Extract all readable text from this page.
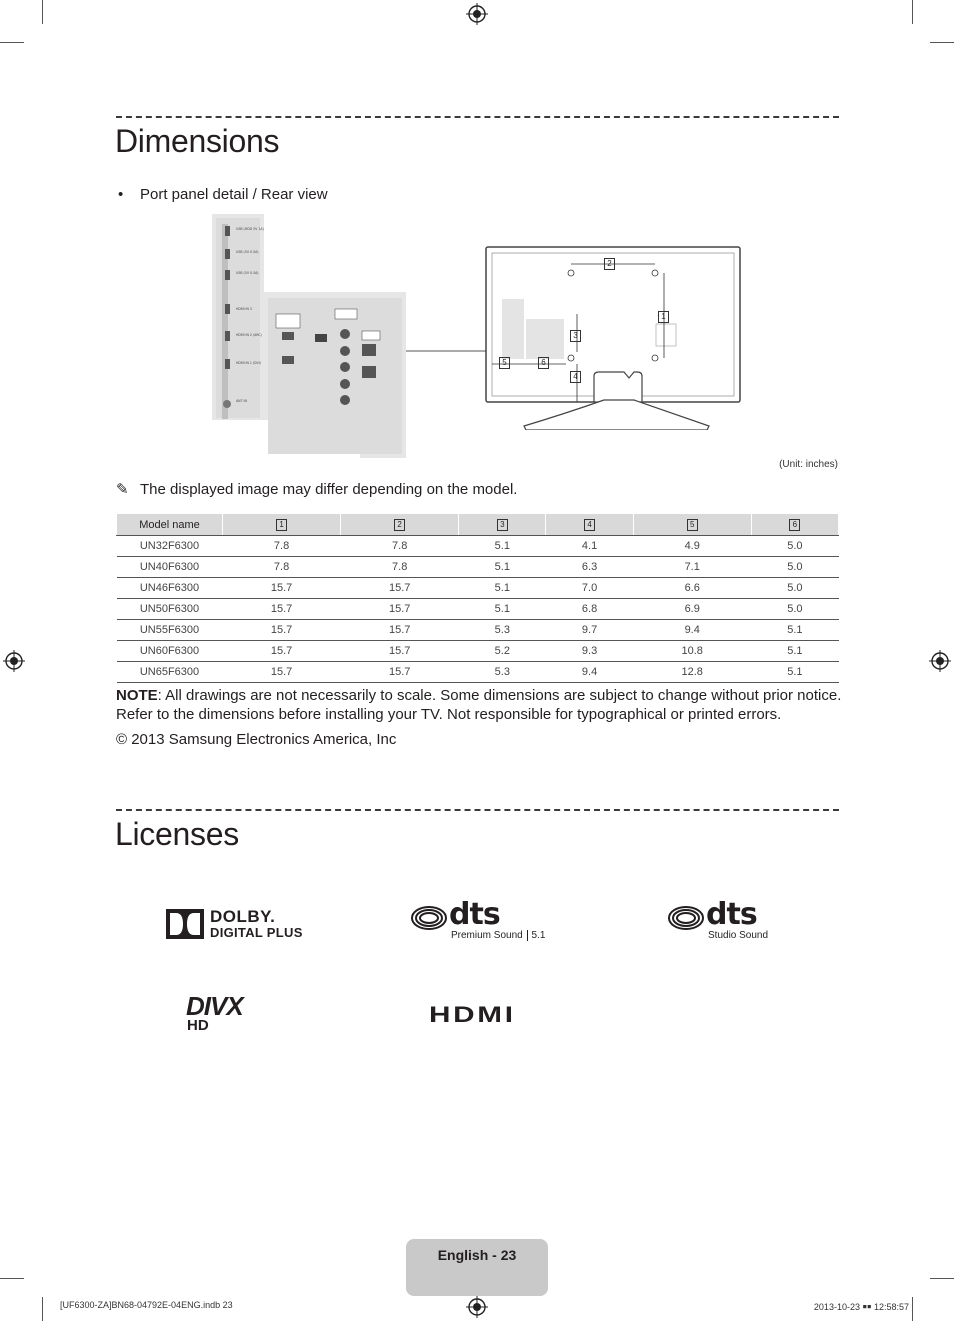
Dimensions
• Port panel detail / Rear view
USB (HDD 5V 1A)
USB (5V 0.5A)
USB (5V 0.5A)
HDMI IN 3
HDMI IN 2 (ARC)
HDMI IN 1 (DVI)
ANT IN
2
1
3
5	6
4
(Unit: inches)
✎ The displayed image may differ depending on the model.
Model name	1	2	3	4	5	6
UN32F6300	7.8	7.8	5.1	4.1	4.9	5.0
UN40F6300	7.8	7.8	5.1	6.3	7.1	5.0
UN46F6300	15.7	15.7	5.1	7.0	6.6	5.0
UN50F6300	15.7	15.7	5.1	6.8	6.9	5.0
UN55F6300	15.7	15.7	5.3	9.7	9.4	5.1
UN60F6300	15.7	15.7	5.2	9.3	10.8	5.1
UN65F6300	15.7	15.7	5.3	9.4	12.8	5.1
NOTE: All drawings are not necessarily to scale. Some dimensions are subject to change without prior notice. Refer to the dimensions before installing your TV. Not responsible for typographical or printed errors.
© 2013 Samsung Electronics America, Inc
Licenses
DOLBY.
DIGITAL PLUS
dts
Premium Sound 5.1
dts
Studio Sound
DIVX
HD	HDMI
English - 23
[UF6300-ZA]BN68-04792E-04ENG.indb 23	2013-10-23 ￭￭ 12:58:57
